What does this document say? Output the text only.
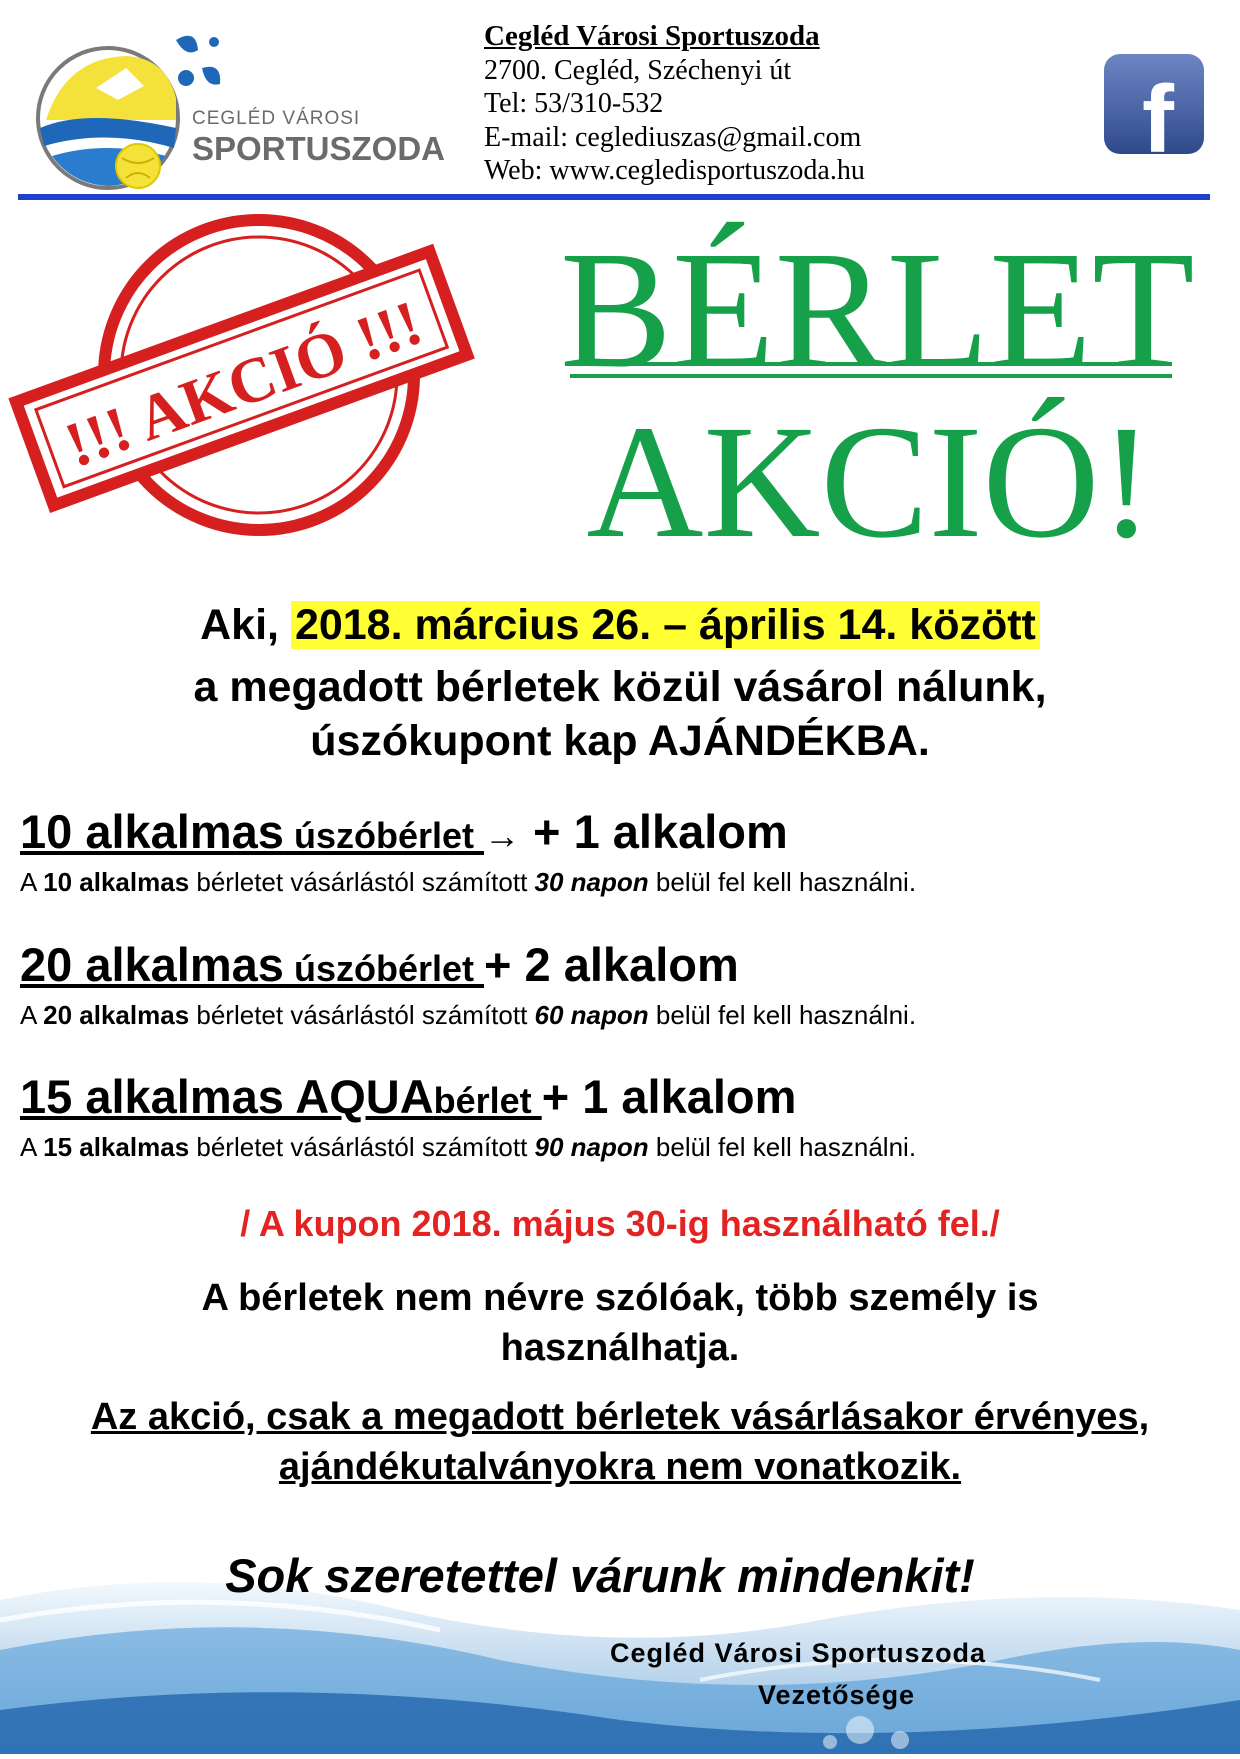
CEGLÉD VÁROSI
SPORTUSZODA
Cegléd Városi Sportuszoda
2700. Cegléd, Széchenyi út
Tel: 53/310-532
E-mail: ceglediuszas@gmail.com
Web: www.cegledisportuszoda.hu	f
!!! AKCIÓ !!! BÉRLET
AKCIÓ!
Aki, 2018. március 26. – április 14. között
a megadott bérletek közül vásárol nálunk,
úszókupont kap AJÁNDÉKBA.
10 alkalmas úszóbérlet → + 1 alkalom
A 10 alkalmas bérletet vásárlástól számított 30 napon belül fel kell használni.
20 alkalmas úszóbérlet + 2 alkalom
A 20 alkalmas bérletet vásárlástól számított 60 napon belül fel kell használni.
15 alkalmas AQUAbérlet + 1 alkalom
A 15 alkalmas bérletet vásárlástól számított 90 napon belül fel kell használni.
/ A kupon 2018. május 30-ig használható fel./
A bérletek nem névre szólóak, több személy is
használhatja.
Az akció, csak a megadott bérletek vásárlásakor érvényes,
ajándékutalványokra nem vonatkozik.
Sok szeretettel várunk mindenkit!
Cegléd Városi Sportuszoda
Vezetősége
